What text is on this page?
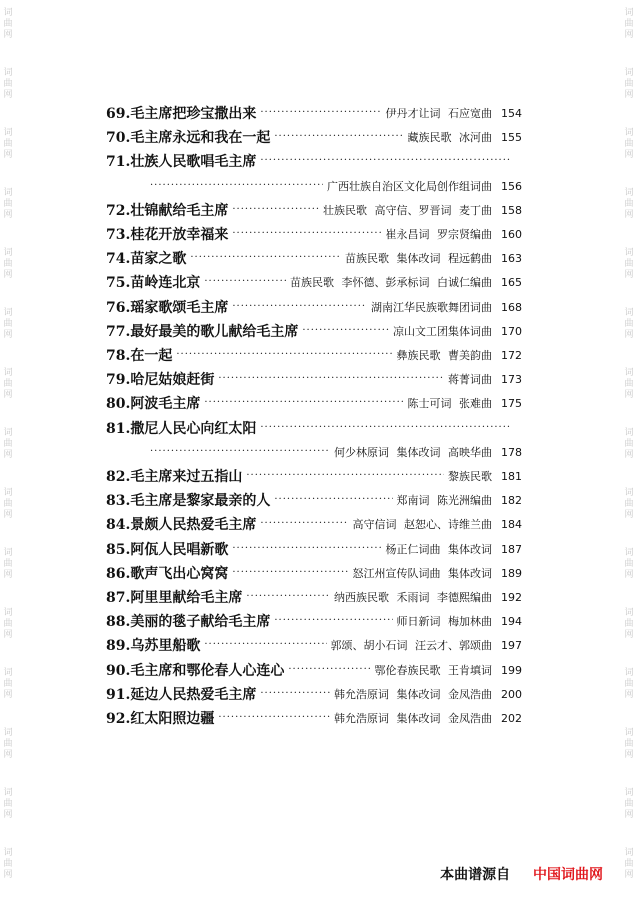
词
曲
网
词
曲
网
词
曲
网
词
曲
网
词
曲
网
词
曲
网
词
曲
网
词
曲
网
词
曲
网
词
曲
网
词
曲
网
词
曲
网
词
曲
网
词
曲
网
词
曲
网
词
曲
网
词
曲
网
词
曲
网
词
曲
网
词
曲
网
词
曲
网
词
曲
网
词
曲
网
词
曲
网
词
曲
网
词
曲
网
词
曲
网
词
曲
网
词
曲
网
词
曲
网
69.毛主席把珍宝撒出来 ·····	伊丹才让词 石应宽曲 154
70.毛主席永远和我在一起 ·····	藏族民歌 冰河曲 155
71.壮族人民歌唱毛主席
·····
·····
广西壮族自治区文化局创作组词曲 156
72.壮锦献给毛主席 ·····	壮族民歌 高守信、罗晋词 麦丁曲 158
73.桂花开放幸福来 ·····	崔永昌词 罗宗贤编曲 160
74.苗家之歌 ·····	苗族民歌 集体改词 程远鹤曲 163
75.苗岭连北京 ·····	苗族民歌 李怀德、彭承标词 白诚仁编曲 165
76.瑶家歌颂毛主席 ·····	湖南江华民族歌舞团词曲 168
77.最好最美的歌儿献给毛主席 ·····	凉山文工团集体词曲 170
78.在一起 ·····	彝族民歌 曹美韵曲 172
79.哈尼姑娘赶街 ·····	蒋菁词曲 173
80.阿波毛主席 ·····	陈士可词 张难曲 175
81.撒尼人民心向红太阳
·····
·····
何少林原词 集体改词 高映华曲 178
82.毛主席来过五指山 ·····	黎族民歌 181
83.毛主席是黎家最亲的人 ·····	郑南词 陈光洲编曲 182
84.景颇人民热爱毛主席 ·····	高守信词 赵恕心、诗维兰曲 184
85.阿佤人民唱新歌 ·····	杨正仁词曲 集体改词 187
86.歌声飞出心窝窝 ·····	怒江州宣传队词曲 集体改词 189
87.阿里里献给毛主席 ·····	纳西族民歌 禾雨词 李德熙编曲 192
88.美丽的毯子献给毛主席 ·····	师日新词 梅加林曲 194
89.乌苏里船歌 ·····	郭颂、胡小石词 汪云才、郭颂曲 197
90.毛主席和鄂伦春人心连心 ·····	鄂伦春族民歌 王肯填词 199
91.延边人民热爱毛主席 ·····	韩允浩原词 集体改词 金凤浩曲 200
92.红太阳照边疆 ·····	韩允浩原词 集体改词 金凤浩曲 202
本曲谱源自 中国词曲网
